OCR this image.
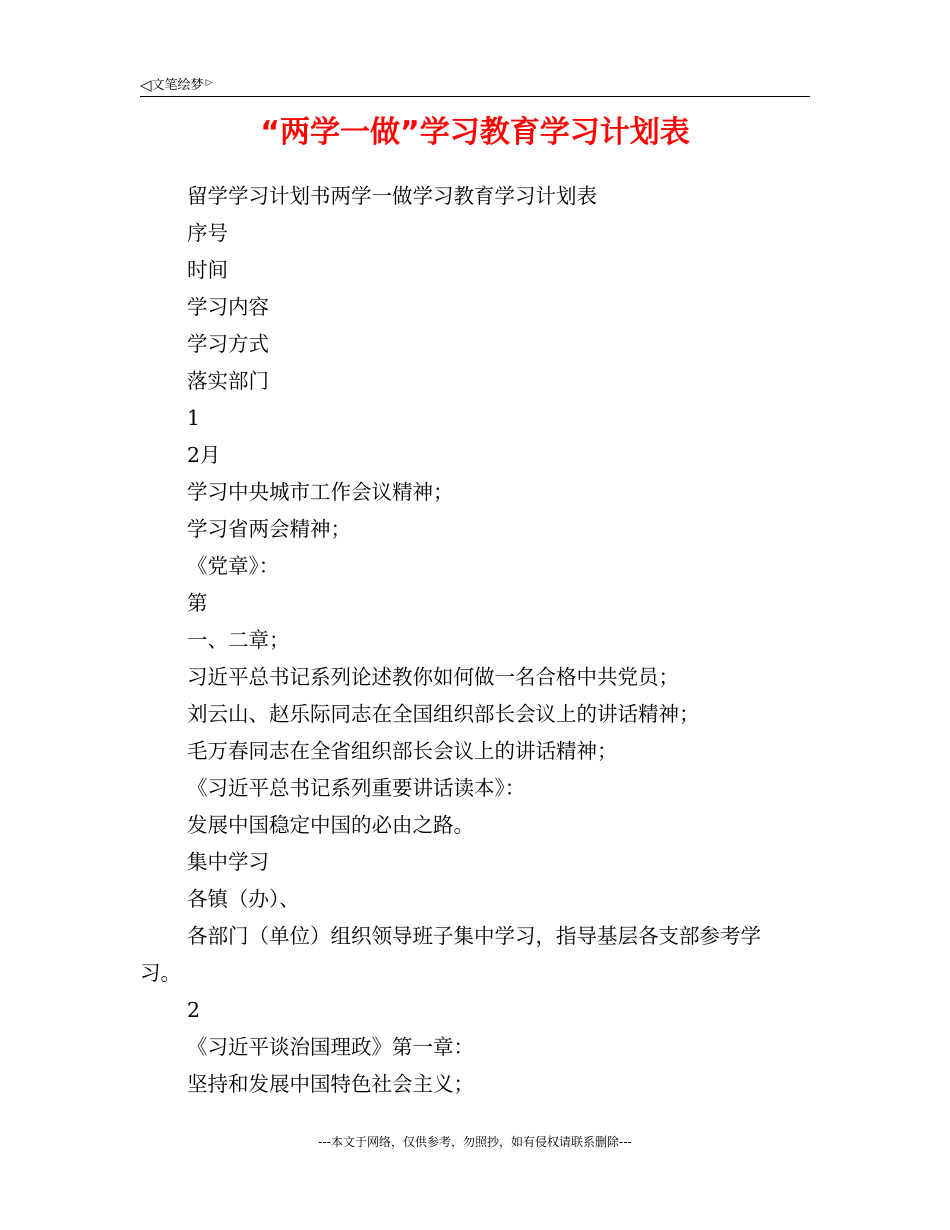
◁文笔绘梦 ▷
“两学一做”学习教育学习计划表

留学学习计划书两学一做学习教育学习计划表

序号

时间

学习内容

学习方式

落实部门

1

2月

学习中央城市工作会议精神；

学习省两会精神；

《党章》：

第

一、二章；

习近平总书记系列论述教你如何做一名合格中共党员；

刘云山、赵乐际同志在全国组织部长会议上的讲话精神；

毛万春同志在全省组织部长会议上的讲话精神；

《习近平总书记系列重要讲话读本》：

发展中国稳定中国的必由之路。

集中学习

各镇（办）、

各部门（单位）组织领导班子集中学习，指导基层各支部参考学习。

2

《习近平谈治国理政》第一章：

坚持和发展中国特色社会主义；

---本文于网络，仅供参考，勿照抄，如有侵权请联系删除---
